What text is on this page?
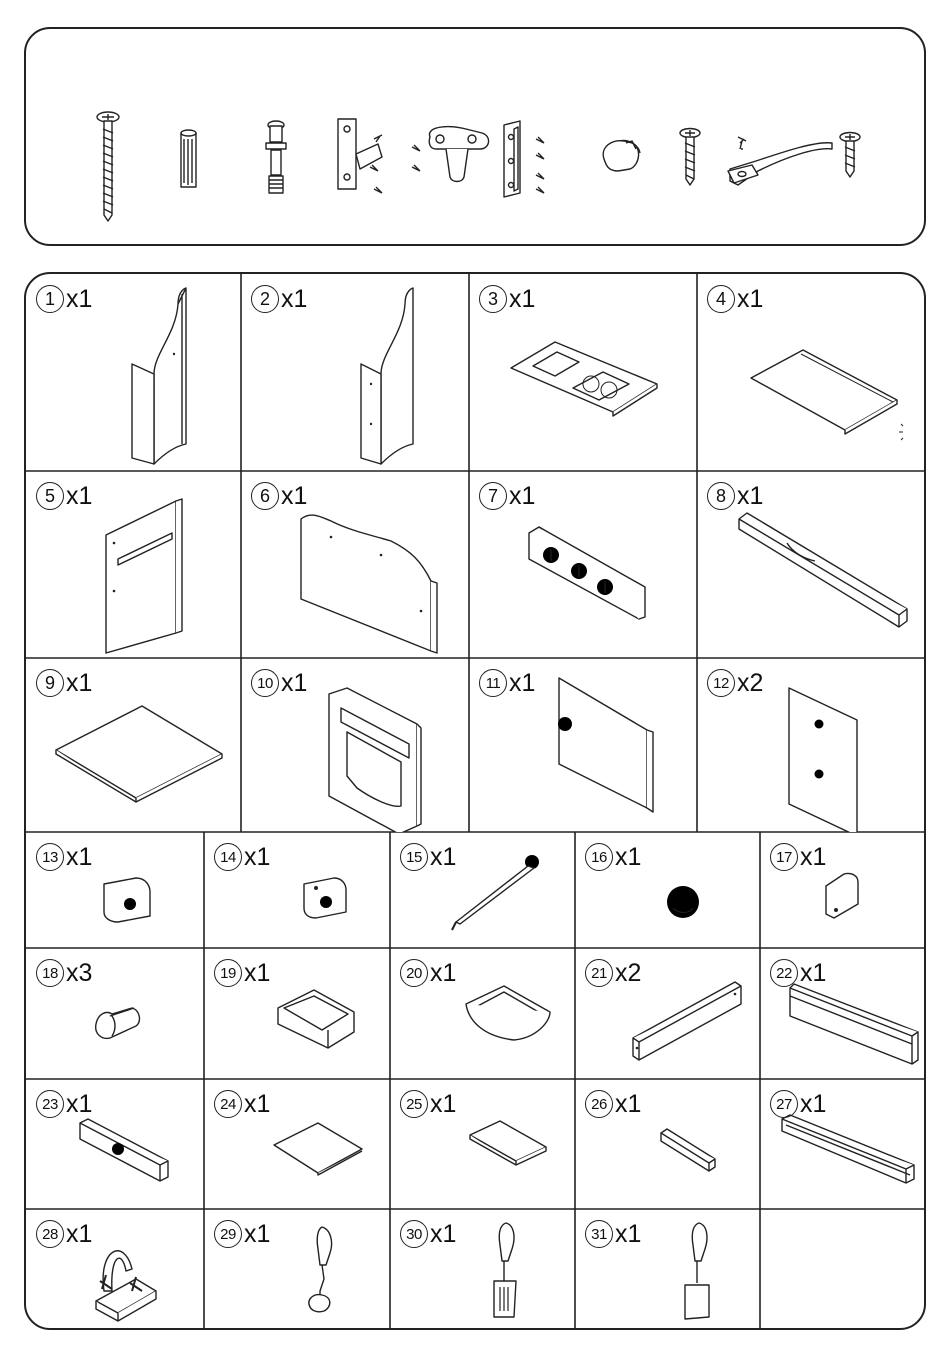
1 x1	2 x1	3 x1	4 x1
5 x1	6 x1	7 x1	8 x1
9 x1	10 x1	11 x1	12 x2
13 x1	14 x1	15 x1	16 x1	17 x1
18 x3	19 x1	20 x1	21 x2	22 x1
23 x1	24 x1	25 x1	26 x1	27 x1
28 x1	29 x1	30 x1	31 x1
